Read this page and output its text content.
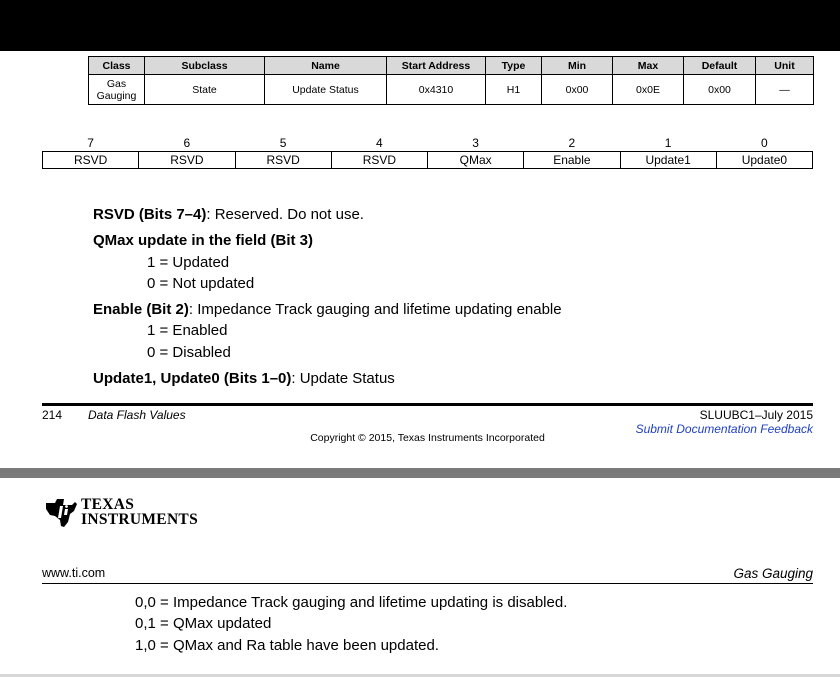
Class	Subclass	Name	Start Address	Type	Min	Max	Default	Unit
Gas
Gauging	State	Update Status	0x4310	H1	0x00	0x0E	0x00	—
7	6	5	4	3	2	1	0
RSVD	RSVD	RSVD	RSVD	QMax	Enable	Update1	Update0
RSVD (Bits 7–4): Reserved. Do not use.
QMax update in the field (Bit 3)
1 = Updated
0 = Not updated
Enable (Bit 2): Impedance Track gauging and lifetime updating enable
1 = Enabled
0 = Disabled
Update1, Update0 (Bits 1–0): Update Status
214 Data Flash Values	SLUUBC1–July 2015
Submit Documentation Feedback
Copyright © 2015, Texas Instruments Incorporated
TEXAS
INSTRUMENTS
www.ti.com	Gas Gauging
0,0 = Impedance Track gauging and lifetime updating is disabled.
0,1 = QMax updated
1,0 = QMax and Ra table have been updated.
